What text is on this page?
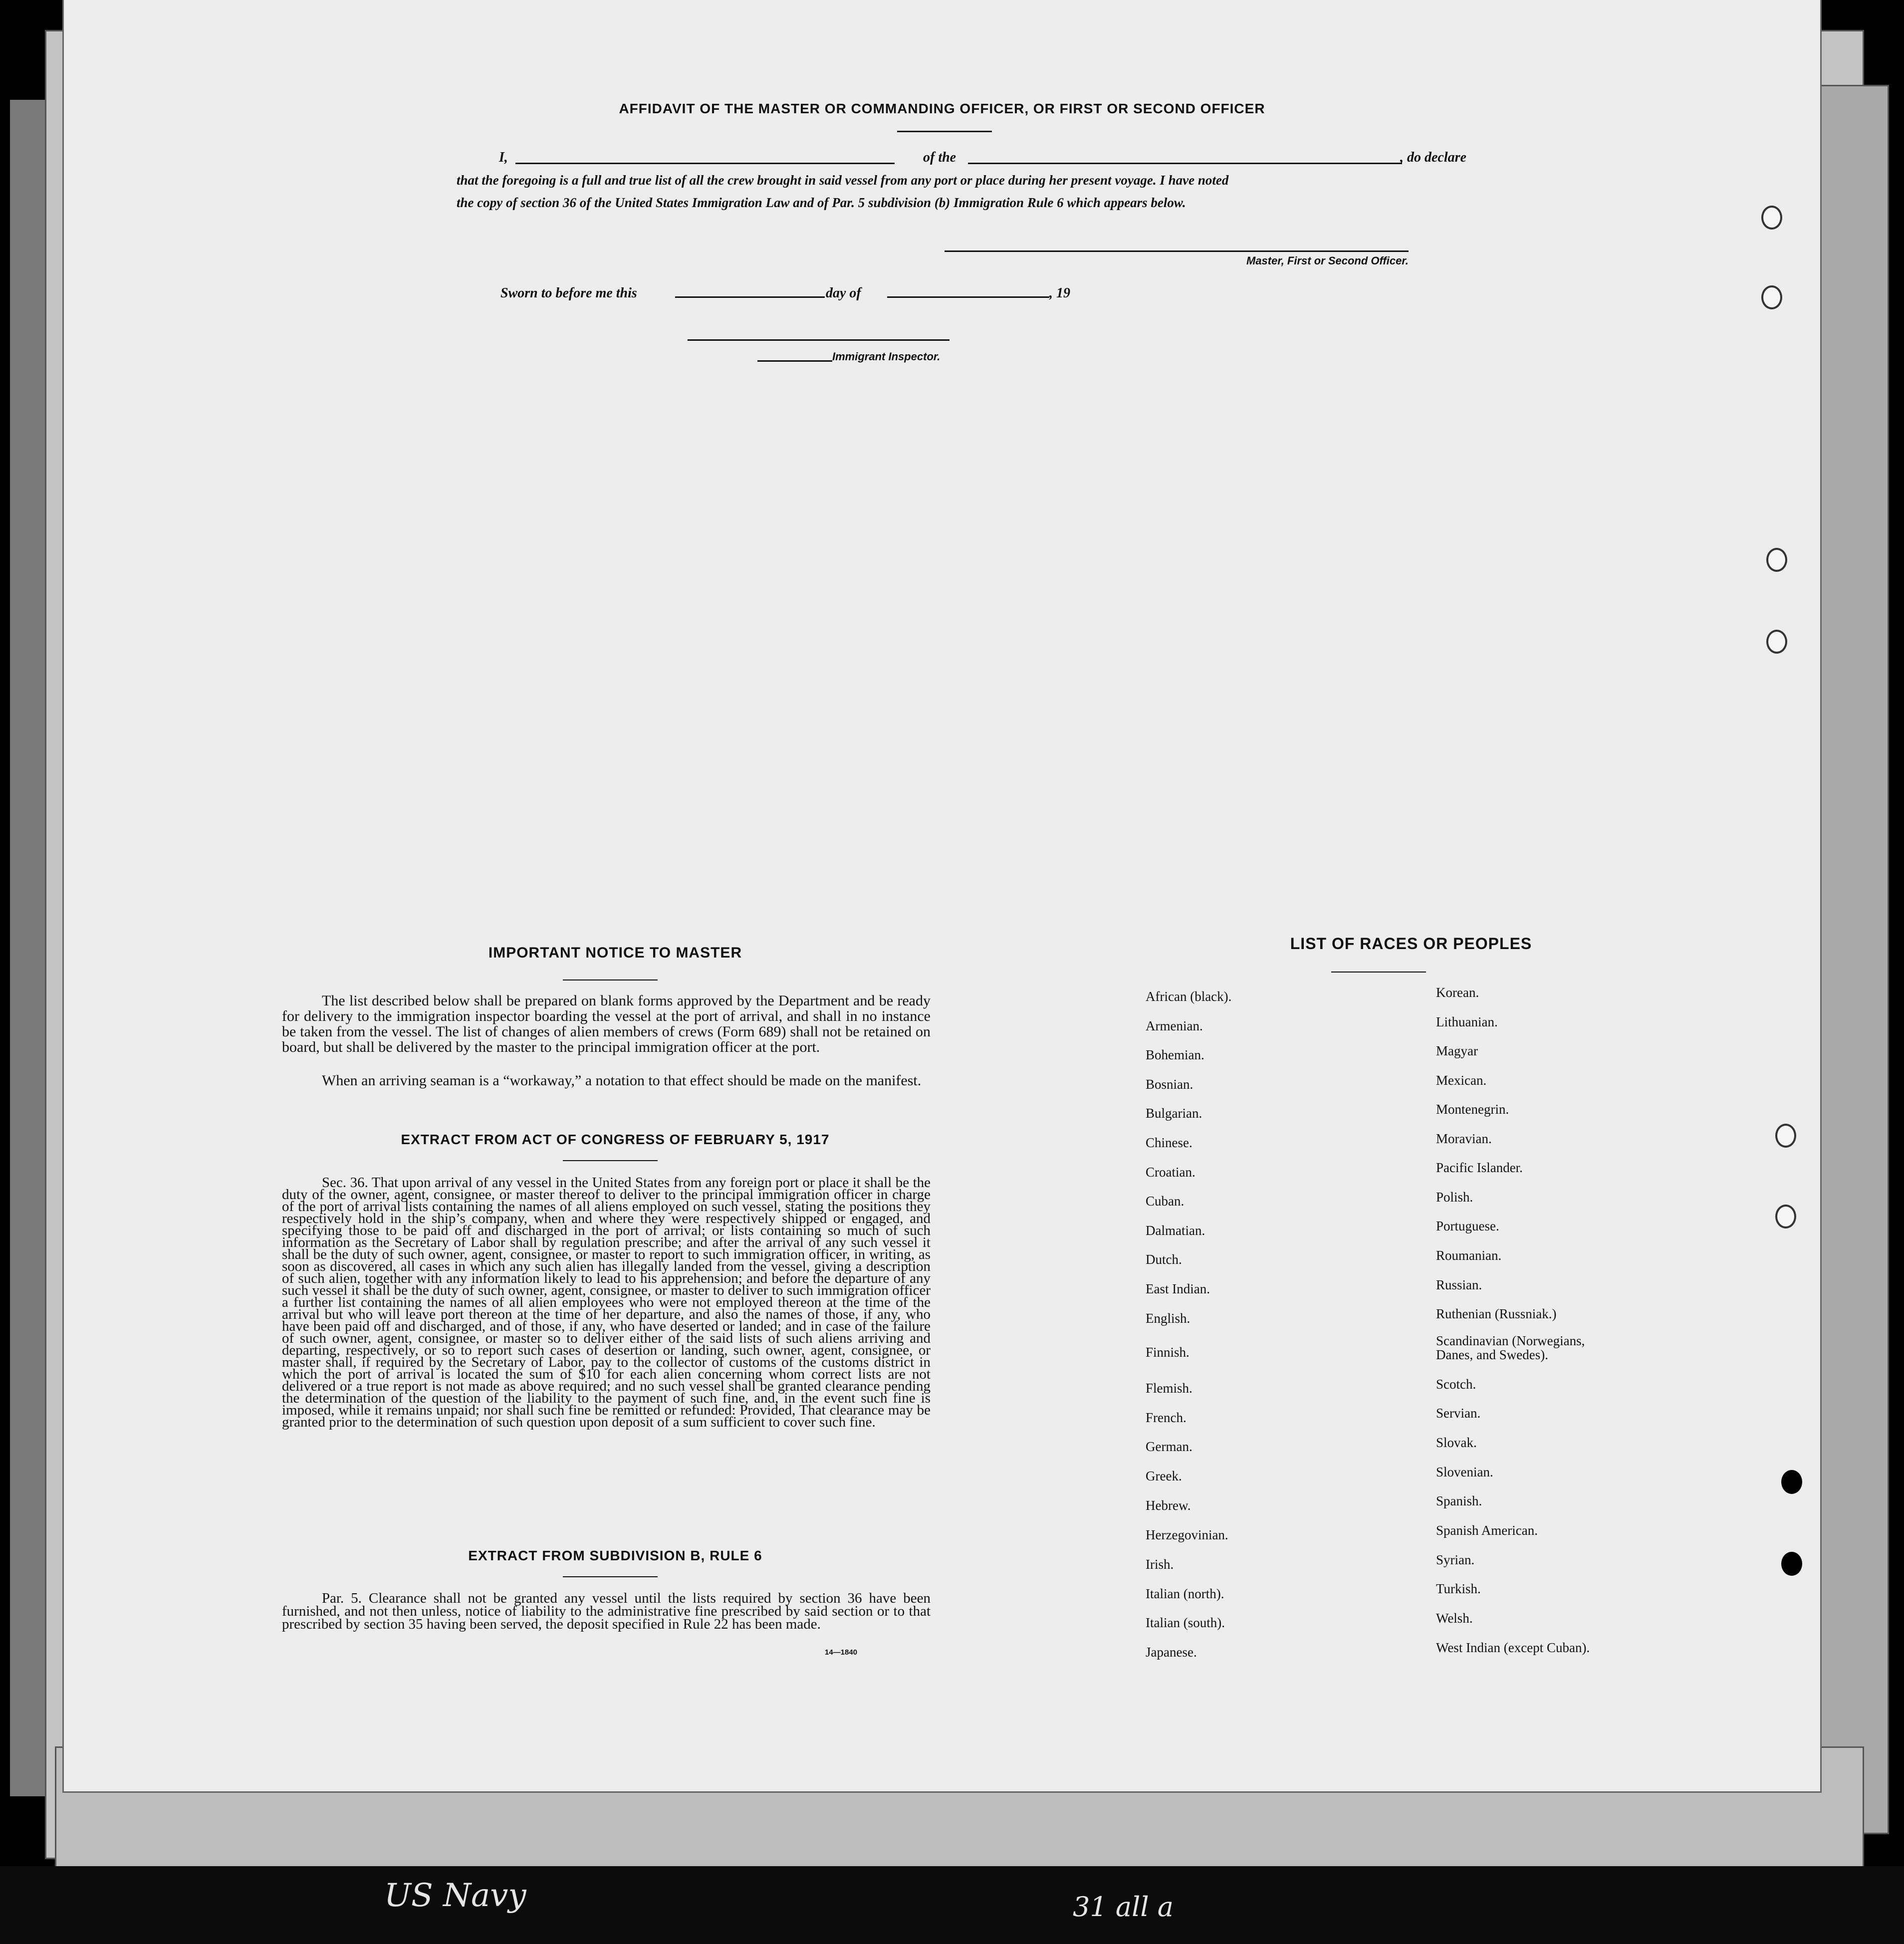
AFFIDAVIT OF THE MASTER OR COMMANDING OFFICER, OR FIRST OR SECOND OFFICER
I,	of the	, do declare
that the foregoing is a full and true list of all the crew brought in said vessel from any port or place during her present voyage. I have noted
the copy of section 36 of the United States Immigration Law and of Par. 5 subdivision (b) Immigration Rule 6 which appears below.
Master, First or Second Officer.
Sworn to before me this	day of	, 19
Immigrant Inspector.
IMPORTANT NOTICE TO MASTER
The list described below shall be prepared on blank forms approved by the Department and be ready for delivery to the immigration inspector boarding the vessel at the port of arrival, and shall in no instance be taken from the vessel. The list of changes of alien members of crews (Form 689) shall not be retained on board, but shall be delivered by the master to the principal immigration officer at the port.
When an arriving seaman is a “workaway,” a notation to that effect should be made on the manifest.
EXTRACT FROM ACT OF CONGRESS OF FEBRUARY 5, 1917
Sec. 36. That upon arrival of any vessel in the United States from any foreign port or place it shall be the duty of the owner, agent, consignee, or master thereof to deliver to the principal immigration officer in charge of the port of arrival lists containing the names of all aliens employed on such vessel, stating the positions they respectively hold in the ship’s company, when and where they were respectively shipped or engaged, and specifying those to be paid off and discharged in the port of arrival; or lists containing so much of such information as the Secretary of Labor shall by regulation prescribe; and after the arrival of any such vessel it shall be the duty of such owner, agent, consignee, or master to report to such immigration officer, in writing, as soon as discovered, all cases in which any such alien has illegally landed from the vessel, giving a description of such alien, together with any information likely to lead to his apprehension; and before the departure of any such vessel it shall be the duty of such owner, agent, consignee, or master to deliver to such immigration officer a further list containing the names of all alien employees who were not employed thereon at the time of the arrival but who will leave port thereon at the time of her departure, and also the names of those, if any, who have been paid off and discharged, and of those, if any, who have deserted or landed; and in case of the failure of such owner, agent, consignee, or master so to deliver either of the said lists of such aliens arriving and departing, respectively, or so to report such cases of desertion or landing, such owner, agent, consignee, or master shall, if required by the Secretary of Labor, pay to the collector of customs of the customs district in which the port of arrival is located the sum of $10 for each alien concerning whom correct lists are not delivered or a true report is not made as above required; and no such vessel shall be granted clearance pending the determination of the question of the liability to the payment of such fine, and, in the event such fine is imposed, while it remains unpaid; nor shall such fine be remitted or refunded: Provided, That clearance may be granted prior to the determination of such question upon deposit of a sum sufficient to cover such fine.
EXTRACT FROM SUBDIVISION B, RULE 6
Par. 5. Clearance shall not be granted any vessel until the lists required by section 36 have been furnished, and not then unless, notice of liability to the administrative fine prescribed by said section or to that prescribed by section 35 having been served, the deposit specified in Rule 22 has been made.
14—1840
LIST OF RACES OR PEOPLES
African (black).
Armenian.
Bohemian.
Bosnian.
Bulgarian.
Chinese.
Croatian.
Cuban.
Dalmatian.
Dutch.
East Indian.
English.
Finnish.
Flemish.
French.
German.
Greek.
Hebrew.
Herzegovinian.
Irish.
Italian (north).
Italian (south).
Japanese.
Korean.
Lithuanian.
Magyar
Mexican.
Montenegrin.
Moravian.
Pacific Islander.
Polish.
Portuguese.
Roumanian.
Russian.
Ruthenian (Russniak.)
Scandinavian (Norwegians,
Danes, and Swedes).
Scotch.
Servian.
Slovak.
Slovenian.
Spanish.
Spanish American.
Syrian.
Turkish.
Welsh.
West Indian (except Cuban).
US Navy	31 all a
